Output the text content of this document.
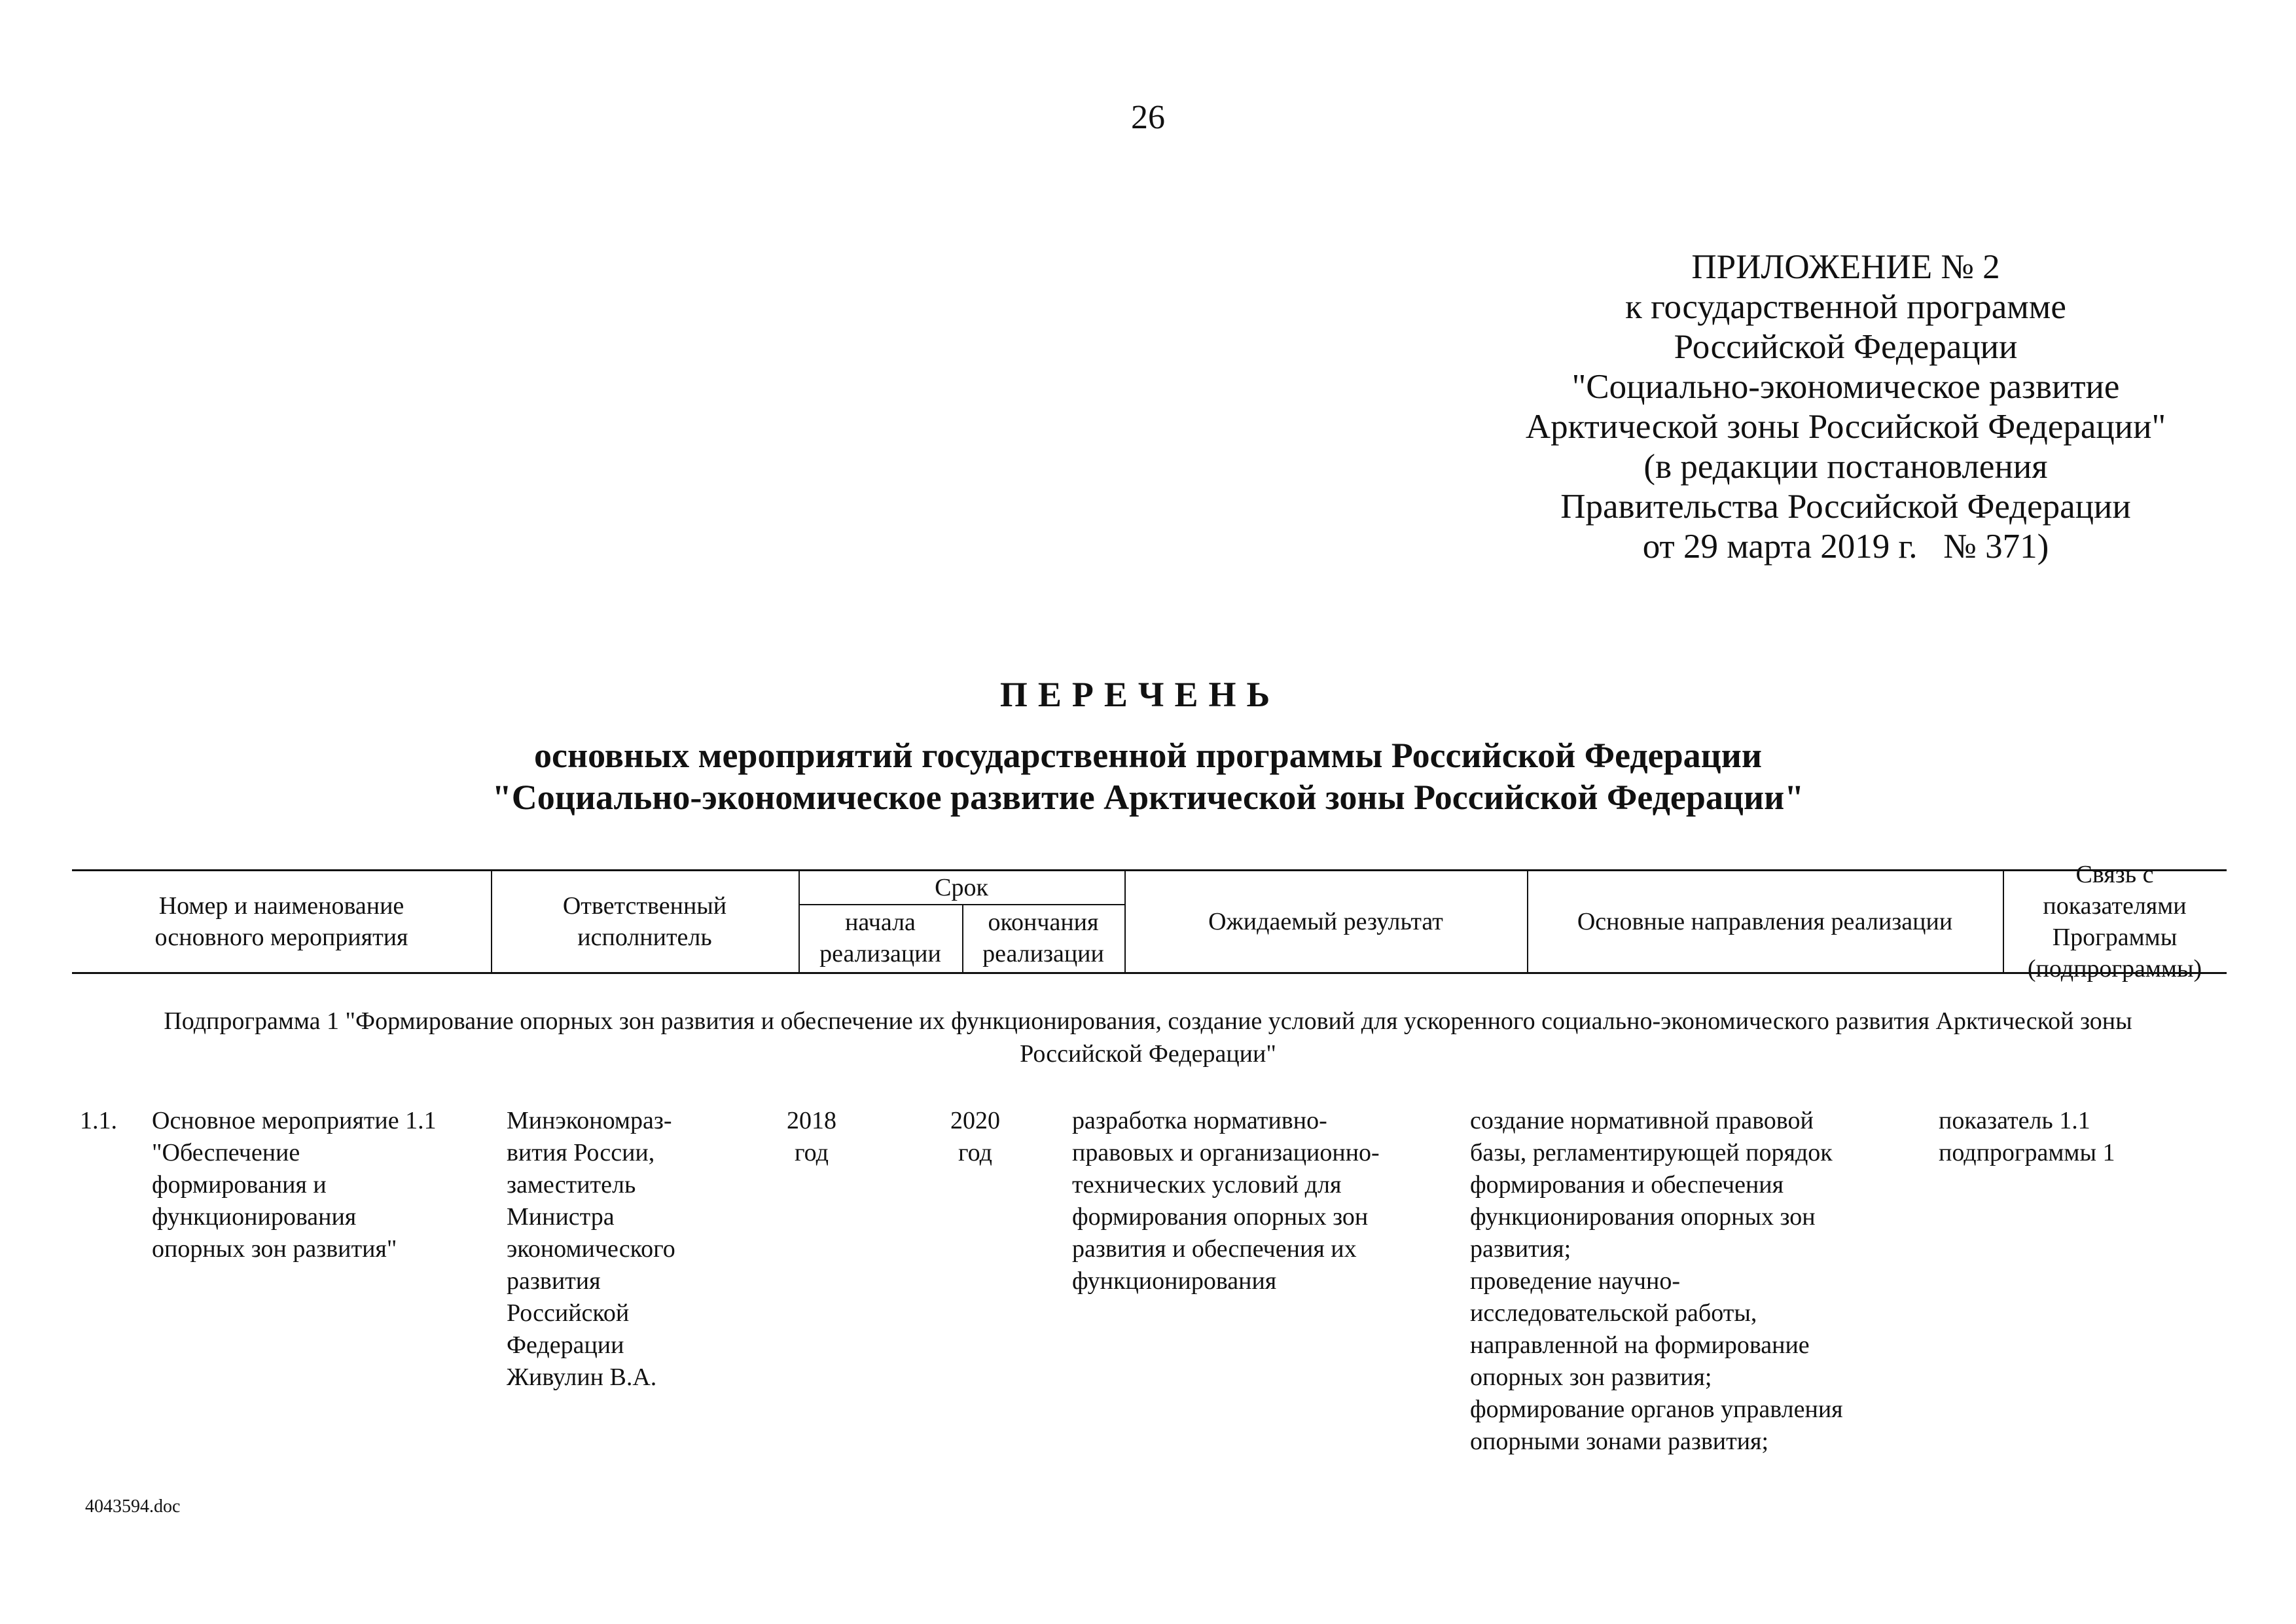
26
ПРИЛОЖЕНИЕ № 2
к государственной программе
Российской Федерации
"Социально-экономическое развитие
Арктической зоны Российской Федерации"
(в редакции постановления
Правительства Российской Федерации
от 29 марта 2019 г.   № 371)
ПЕРЕЧЕНЬ
основных мероприятий государственной программы Российской Федерации
"Социально-экономическое развитие Арктической зоны Российской Федерации"
Номер и наименование
основного мероприятия
Ответственный
исполнитель
Срок
начала
реализации
окончания
реализации
Ожидаемый результат	Основные направления реализации
Связь с показателями
Программы
(подпрограммы)
Подпрограмма 1 "Формирование опорных зон развития и обеспечение их функционирования, создание условий для ускоренного социально-экономического развития Арктической зоны Российской Федерации"
1.1. Основное мероприятие 1.1
"Обеспечение
формирования и
функционирования
опорных зон развития"
Минэкономраз-
вития России,
заместитель
Министра
экономического
развития
Российской
Федерации
Живулин В.А.
2018
год
2020
год
разработка нормативно-
правовых и организационно-
технических условий для
формирования опорных зон
развития и обеспечения их
функционирования
создание нормативной правовой
базы, регламентирующей порядок
формирования и обеспечения
функционирования опорных зон
развития;
проведение научно-
исследовательской работы,
направленной на формирование
опорных зон развития;
формирование органов управления
опорными зонами развития;
показатель 1.1
подпрограммы 1
4043594.doc
